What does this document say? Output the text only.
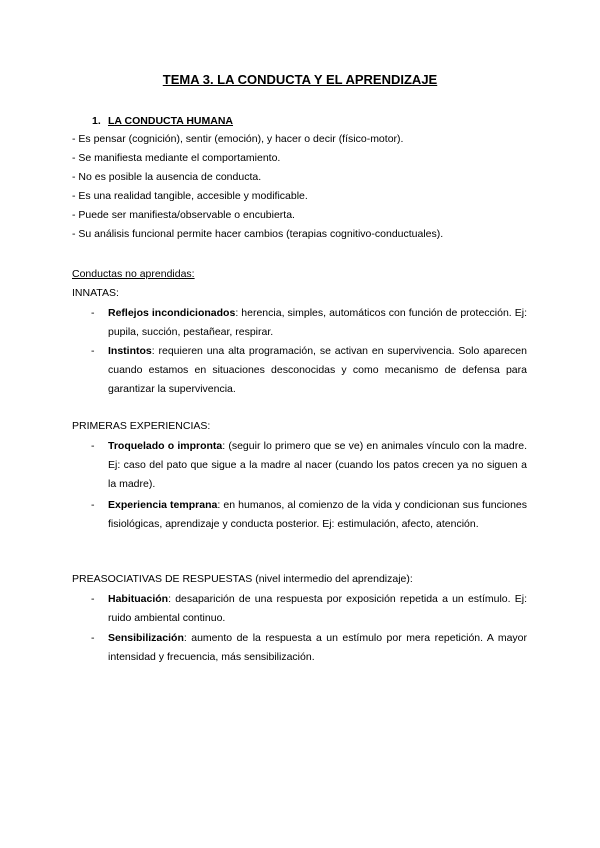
TEMA 3. LA CONDUCTA Y EL APRENDIZAJE
1. LA CONDUCTA HUMANA
- Es pensar (cognición), sentir (emoción), y hacer o decir (físico-motor).
- Se manifiesta mediante el comportamiento.
- No es posible la ausencia de conducta.
- Es una realidad tangible, accesible y modificable.
- Puede ser manifiesta/observable o encubierta.
- Su análisis funcional permite hacer cambios (terapias cognitivo-conductuales).
Conductas no aprendidas:
INNATAS:
- Reflejos incondicionados: herencia, simples, automáticos con función de protección. Ej: pupila, succión, pestañear, respirar.
- Instintos: requieren una alta programación, se activan en supervivencia. Solo aparecen cuando estamos en situaciones desconocidas y como mecanismo de defensa para garantizar la supervivencia.
PRIMERAS EXPERIENCIAS:
- Troquelado o impronta: (seguir lo primero que se ve) en animales vínculo con la madre. Ej: caso del pato que sigue a la madre al nacer (cuando los patos crecen ya no siguen a la madre).
- Experiencia temprana: en humanos, al comienzo de la vida y condicionan sus funciones fisiológicas, aprendizaje y conducta posterior. Ej: estimulación, afecto, atención.
PREASOCIATIVAS DE RESPUESTAS (nivel intermedio del aprendizaje):
- Habituación: desaparición de una respuesta por exposición repetida a un estímulo. Ej: ruido ambiental continuo.
- Sensibilización: aumento de la respuesta a un estímulo por mera repetición. A mayor intensidad y frecuencia, más sensibilización.
